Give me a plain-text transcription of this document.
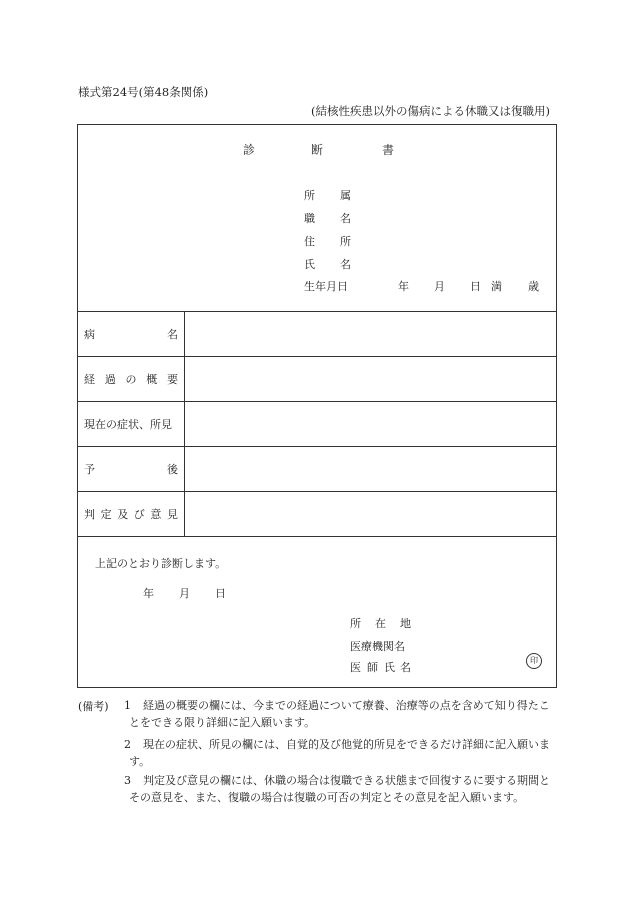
様式第24号(第48条関係)
(結核性疾患以外の傷病による休職又は復職用)
診	断	書
所 属
職 名
住 所
氏 名
生年月日	年 月 日 満 歳
病	名
経 過 の 概 要
現在の症状、所見
予	後
判 定 及 び 意 見
上記のとおり診断します。
年 月 日
所 在 地
医療機関名
医 師 氏 名
印
(備考) 1	経過の概要の欄には、今までの経過について療養、治療等の点を含めて知り得たことをできる限り詳細に記入願います。
2	現在の症状、所見の欄には、自覚的及び他覚的所見をできるだけ詳細に記入願います。
3	判定及び意見の欄には、休職の場合は復職できる状態まで回復するに要する期間とその意見を、また、復職の場合は復職の可否の判定とその意見を記入願います。
